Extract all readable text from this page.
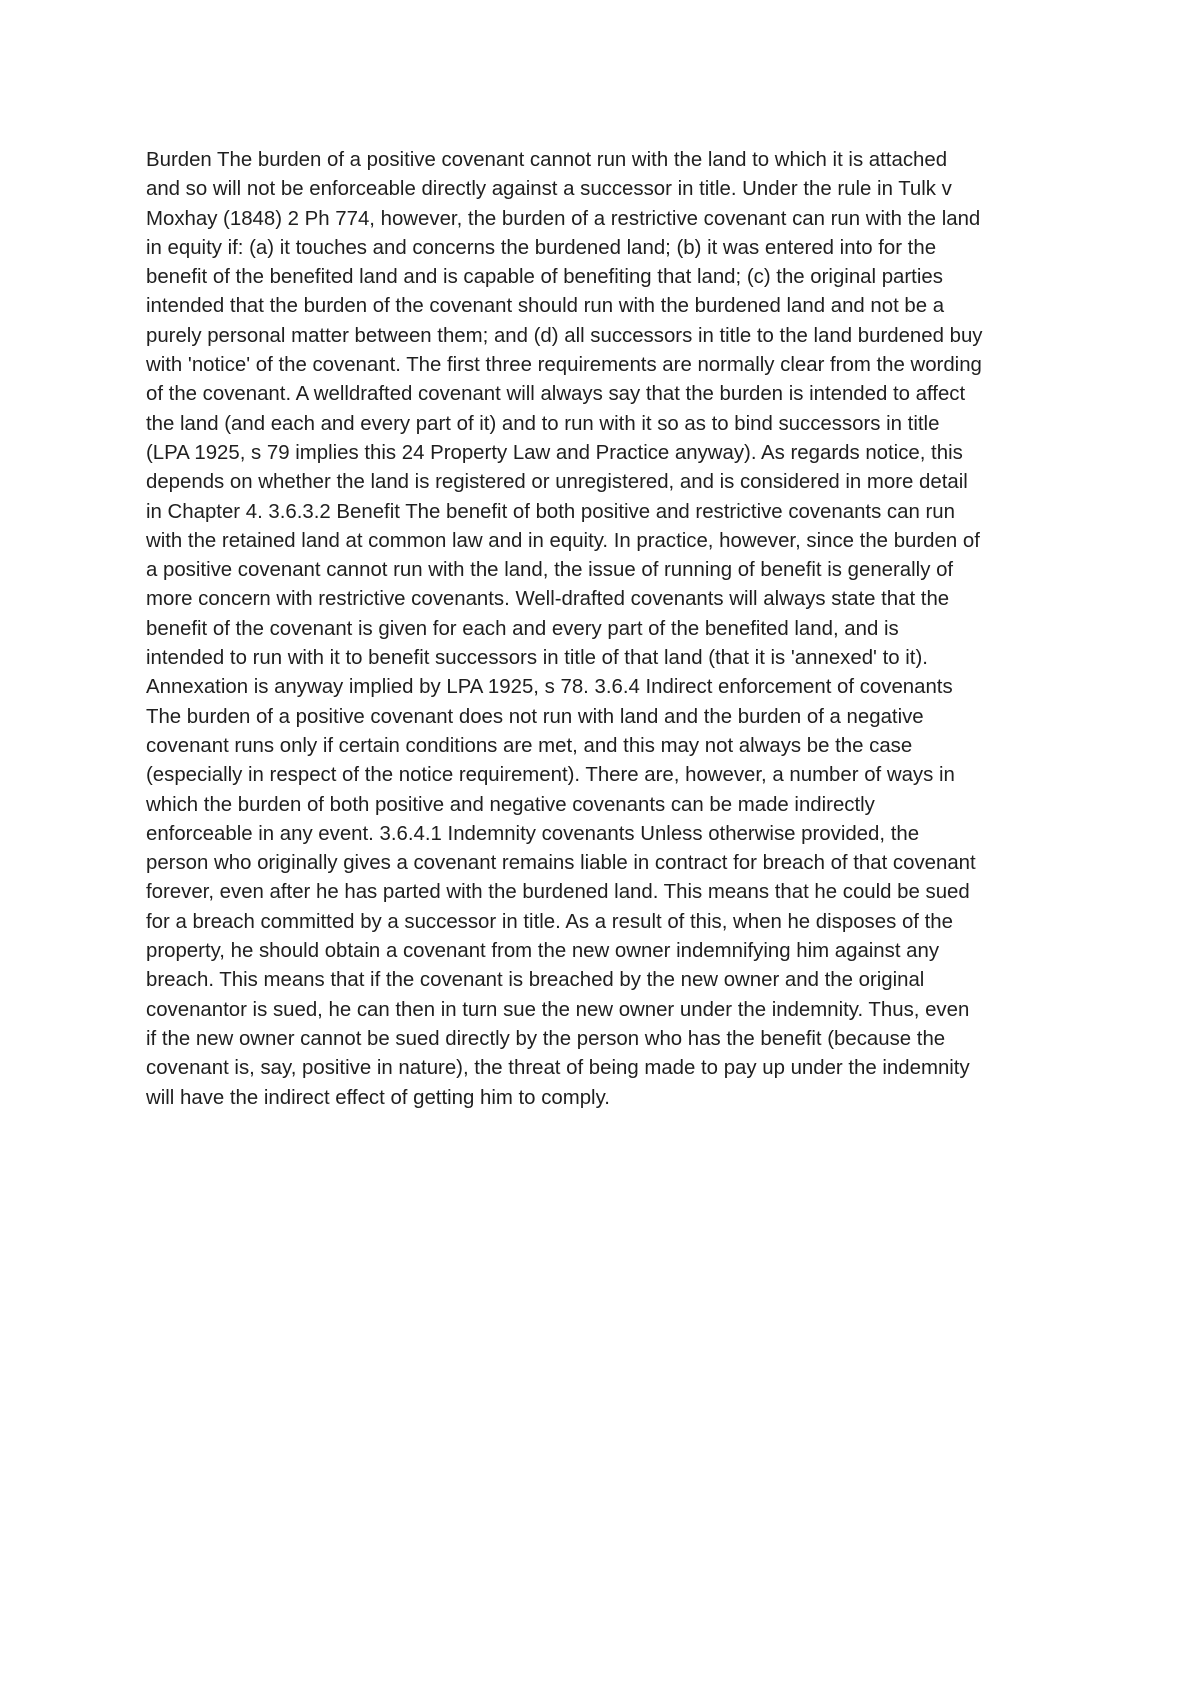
Burden The burden of a positive covenant cannot run with the land to which it is attached
and so will not be enforceable directly against a successor in title. Under the rule in Tulk v
Moxhay (1848) 2 Ph 774, however, the burden of a restrictive covenant can run with the land
in equity if: (a) it touches and concerns the burdened land; (b) it was entered into for the
benefit of the benefited land and is capable of benefiting that land; (c) the original parties
intended that the burden of the covenant should run with the burdened land and not be a
purely personal matter between them; and (d) all successors in title to the land burdened buy
with 'notice' of the covenant. The first three requirements are normally clear from the wording
of the covenant. A welldrafted covenant will always say that the burden is intended to affect
the land (and each and every part of it) and to run with it so as to bind successors in title
(LPA 1925, s 79 implies this 24 Property Law and Practice anyway). As regards notice, this
depends on whether the land is registered or unregistered, and is considered in more detail
in Chapter 4. 3.6.3.2 Benefit The benefit of both positive and restrictive covenants can run
with the retained land at common law and in equity. In practice, however, since the burden of
a positive covenant cannot run with the land, the issue of running of benefit is generally of
more concern with restrictive covenants. Well-drafted covenants will always state that the
benefit of the covenant is given for each and every part of the benefited land, and is
intended to run with it to benefit successors in title of that land (that it is 'annexed' to it).
Annexation is anyway implied by LPA 1925, s 78. 3.6.4 Indirect enforcement of covenants
The burden of a positive covenant does not run with land and the burden of a negative
covenant runs only if certain conditions are met, and this may not always be the case
(especially in respect of the notice requirement). There are, however, a number of ways in
which the burden of both positive and negative covenants can be made indirectly
enforceable in any event. 3.6.4.1 Indemnity covenants Unless otherwise provided, the
person who originally gives a covenant remains liable in contract for breach of that covenant
forever, even after he has parted with the burdened land. This means that he could be sued
for a breach committed by a successor in title. As a result of this, when he disposes of the
property, he should obtain a covenant from the new owner indemnifying him against any
breach. This means that if the covenant is breached by the new owner and the original
covenantor is sued, he can then in turn sue the new owner under the indemnity. Thus, even
if the new owner cannot be sued directly by the person who has the benefit (because the
covenant is, say, positive in nature), the threat of being made to pay up under the indemnity
will have the indirect effect of getting him to comply.
